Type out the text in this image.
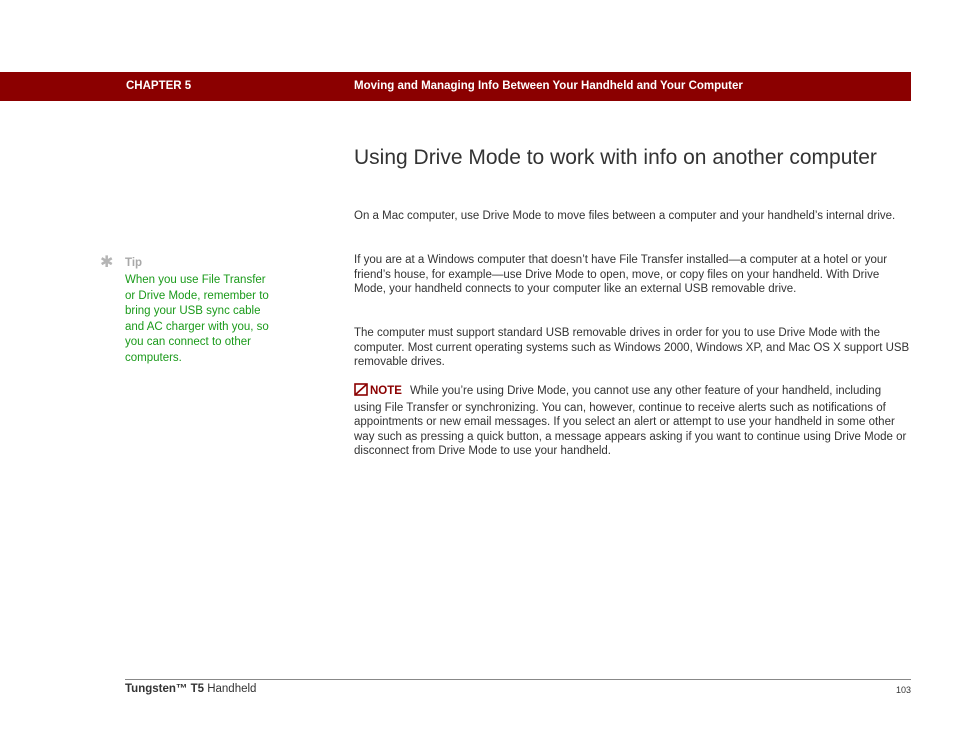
CHAPTER 5	Moving and Managing Info Between Your Handheld and Your Computer
Using Drive Mode to work with info on another computer

On a Mac computer, use Drive Mode to move files between a computer and your handheld’s internal drive.

If you are at a Windows computer that doesn’t have File Transfer installed—a computer at a hotel or your friend’s house, for example—use Drive Mode to open, move, or copy files on your handheld. With Drive Mode, your handheld connects to your computer like an external USB removable drive.

The computer must support standard USB removable drives in order for you to use Drive Mode with the computer. Most current operating systems such as Windows 2000, Windows XP, and Mac OS X support USB removable drives.

NOTE While you’re using Drive Mode, you cannot use any other feature of your handheld, including using File Transfer or synchronizing. You can, however, continue to receive alerts such as notifications of appointments or new email messages. If you select an alert or attempt to use your handheld in some other way such as pressing a quick button, a message appears asking if you want to continue using Drive Mode or disconnect from Drive Mode to use your handheld.

✱ Tip

When you use File Transfer or Drive Mode, remember to bring your USB sync cable and AC charger with you, so you can connect to other computers.

Tungsten™ T5 Handheld	103
